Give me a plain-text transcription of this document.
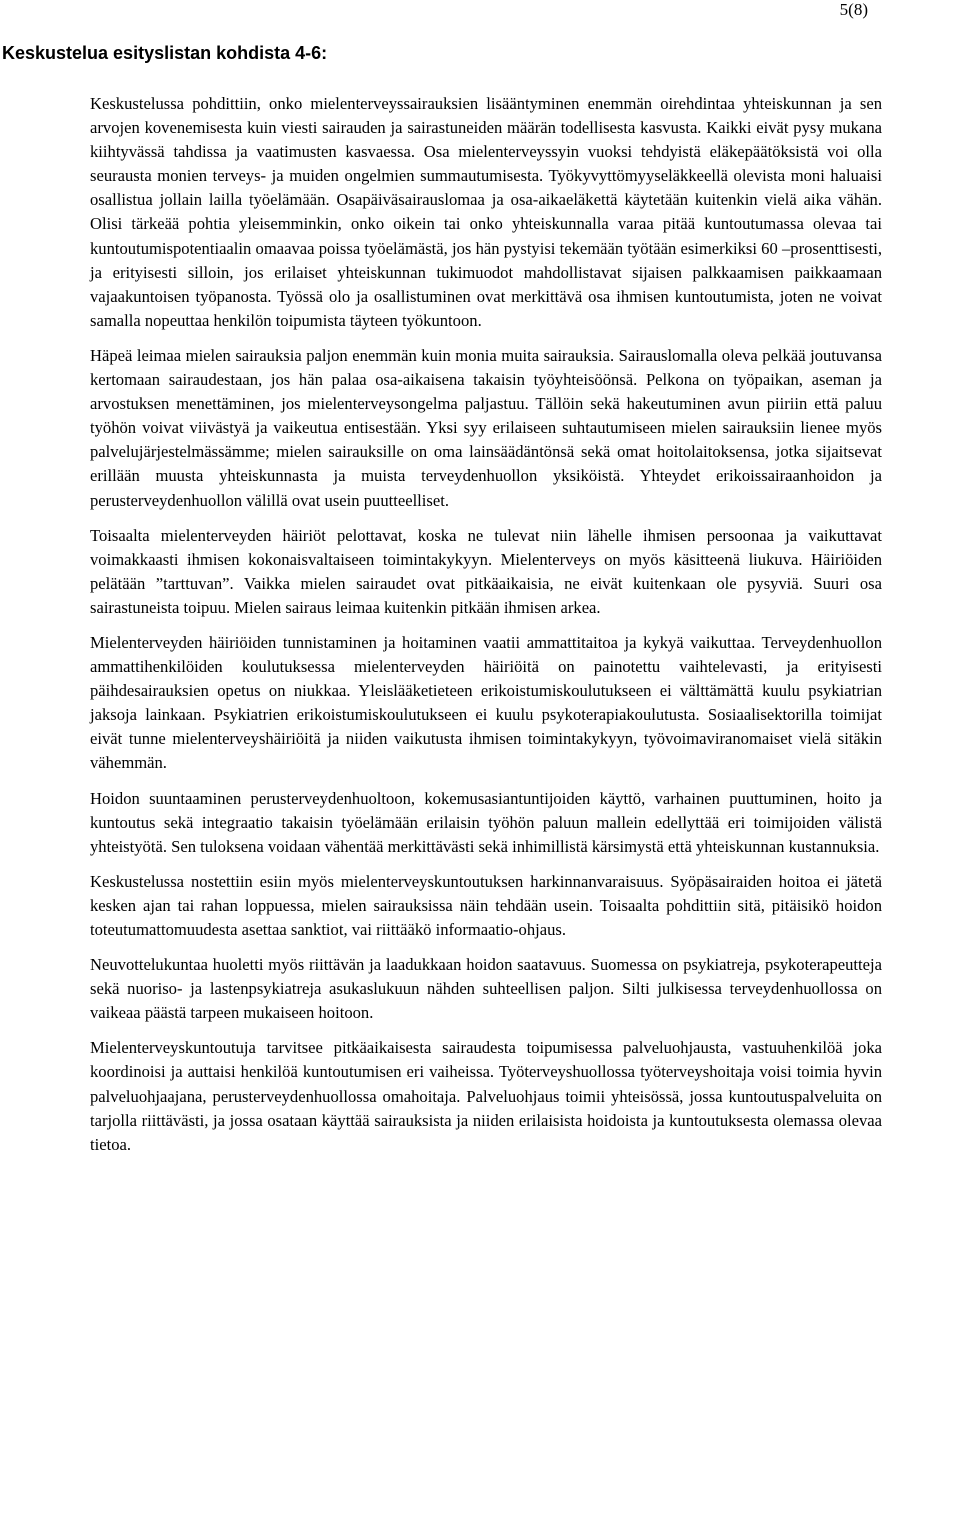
5(8)
Keskustelua esityslistan kohdista 4-6:

Keskustelussa pohdittiin, onko mielenterveyssairauksien lisääntyminen enemmän oirehdintaa yhteiskunnan ja sen arvojen kovenemisesta kuin viesti sairauden ja sairastuneiden määrän todellisesta kasvusta. Kaikki eivät pysy mukana kiihtyvässä tahdissa ja vaatimusten kasvaessa. Osa mielenterveyssyin vuoksi tehdyistä eläkepäätöksistä voi olla seurausta monien terveys- ja muiden ongelmien summautumisesta. Työkyvyttömyyseläkkeellä olevista moni haluaisi osallistua jollain lailla työelämään. Osapäiväsairauslomaa ja osa-aikaeläkettä käytetään kuitenkin vielä aika vähän. Olisi tärkeää pohtia yleisemminkin, onko oikein tai onko yhteiskunnalla varaa pitää kuntoutumassa olevaa tai kuntoutumispotentiaalin omaavaa poissa työelämästä, jos hän pystyisi tekemään työtään esimerkiksi 60 –prosenttisesti, ja erityisesti silloin, jos erilaiset yhteiskunnan tukimuodot mahdollistavat sijaisen palkkaamisen paikkaamaan vajaakuntoisen työpanosta. Työssä olo ja osallistuminen ovat merkittävä osa ihmisen kuntoutumista, joten ne voivat samalla nopeuttaa henkilön toipumista täyteen työkuntoon.

Häpeä leimaa mielen sairauksia paljon enemmän kuin monia muita sairauksia. Sairauslomalla oleva pelkää joutuvansa kertomaan sairaudestaan, jos hän palaa osa-aikaisena takaisin työyhteisöönsä. Pelkona on työpaikan, aseman ja arvostuksen menettäminen, jos mielenterveysongelma paljastuu. Tällöin sekä hakeutuminen avun piiriin että paluu työhön voivat viivästyä ja vaikeutua entisestään. Yksi syy erilaiseen suhtautumiseen mielen sairauksiin lienee myös palvelujärjestelmässämme; mielen sairauksille on oma lainsäädäntönsä sekä omat hoitolaitoksensa, jotka sijaitsevat erillään muusta yhteiskunnasta ja muista terveydenhuollon yksiköistä. Yhteydet erikoissairaanhoidon ja perusterveydenhuollon välillä ovat usein puutteelliset.

Toisaalta mielenterveyden häiriöt pelottavat, koska ne tulevat niin lähelle ihmisen persoonaa ja vaikuttavat voimakkaasti ihmisen kokonaisvaltaiseen toimintakykyyn. Mielenterveys on myös käsitteenä liukuva. Häiriöiden pelätään ”tarttuvan”. Vaikka mielen sairaudet ovat pitkäaikaisia, ne eivät kuitenkaan ole pysyviä. Suuri osa sairastuneista toipuu. Mielen sairaus leimaa kuitenkin pitkään ihmisen arkea.

Mielenterveyden häiriöiden tunnistaminen ja hoitaminen vaatii ammattitaitoa ja kykyä vaikuttaa. Terveydenhuollon ammattihenkilöiden koulutuksessa mielenterveyden häiriöitä on painotettu vaihtelevasti, ja erityisesti päihdesairauksien opetus on niukkaa. Yleislääketieteen erikoistumiskoulutukseen ei välttämättä kuulu psykiatrian jaksoja lainkaan. Psykiatrien erikoistumiskoulutukseen ei kuulu psykoterapiakoulutusta. Sosiaalisektorilla toimijat eivät tunne mielenterveyshäiriöitä ja niiden vaikutusta ihmisen toimintakykyyn, työvoimaviranomaiset vielä sitäkin vähemmän.

Hoidon suuntaaminen perusterveydenhuoltoon, kokemusasiantuntijoiden käyttö, varhainen puuttuminen, hoito ja kuntoutus sekä integraatio takaisin työelämään erilaisin työhön paluun mallein edellyttää eri toimijoiden välistä yhteistyötä. Sen tuloksena voidaan vähentää merkittävästi sekä inhimillistä kärsimystä että yhteiskunnan kustannuksia.

Keskustelussa nostettiin esiin myös mielenterveyskuntoutuksen harkinnanvaraisuus. Syöpäsairaiden hoitoa ei jätetä kesken ajan tai rahan loppuessa, mielen sairauksissa näin tehdään usein. Toisaalta pohdittiin sitä, pitäisikö hoidon toteutumattomuudesta asettaa sanktiot, vai riittääkö informaatio-ohjaus.

Neuvottelukuntaa huoletti myös riittävän ja laadukkaan hoidon saatavuus. Suomessa on psykiatreja, psykoterapeutteja sekä nuoriso- ja lastenpsykiatreja asukaslukuun nähden suhteellisen paljon. Silti julkisessa terveydenhuollossa on vaikeaa päästä tarpeen mukaiseen hoitoon.

Mielenterveyskuntoutuja tarvitsee pitkäaikaisesta sairaudesta toipumisessa palveluohjausta, vastuuhenkilöä joka koordinoisi ja auttaisi henkilöä kuntoutumisen eri vaiheissa. Työterveyshuollossa työterveyshoitaja voisi toimia hyvin palveluohjaajana, perusterveydenhuollossa omahoitaja. Palveluohjaus toimii yhteisössä, jossa kuntoutuspalveluita on tarjolla riittävästi, ja jossa osataan käyttää sairauksista ja niiden erilaisista hoidoista ja kuntoutuksesta olemassa olevaa tietoa.
